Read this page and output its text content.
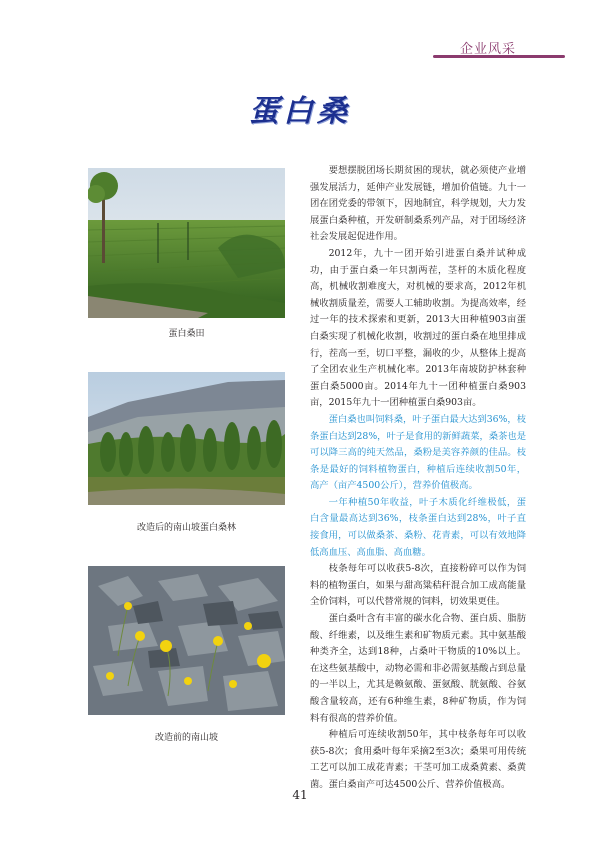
企业风采
蛋白桑
蛋白桑田
改造后的南山坡蛋白桑林
改造前的南山坡

要想摆脱团场长期贫困的现状，就必须使产业增强发展活力，延伸产业发展链，增加价值链。九十一团在团党委的带领下，因地制宜，科学规划，大力发展蛋白桑种植，开发研制桑系列产品，对于团场经济社会发展起促进作用。

2012年，九十一团开始引进蛋白桑并试种成功，由于蛋白桑一年只割两茬，茎杆的木质化程度高，机械收割难度大，对机械的要求高，2012年机械收割质量差，需要人工辅助收割。为提高效率，经过一年的技术探索和更新，2013大田种植903亩蛋白桑实现了机械化收割，收割过的蛋白桑在地里排成行，茬高一至，切口平整，漏收的少，从整体上提高了全团农业生产机械化率。2013年南坡防护林套种蛋白桑5000亩。2014年九十一团种植蛋白桑903亩，2015年九十一团种植蛋白桑903亩。

蛋白桑也叫饲料桑，叶子蛋白最大达到36%，枝条蛋白达到28%，叶子是食用的新鲜蔬菜，桑茶也是可以降三高的纯天然品，桑粉是美容养颜的佳品。枝条是最好的饲料植物蛋白，种植后连续收割50年，高产（亩产4500公斤），营养价值极高。

一年种植50年收益，叶子木质化纤维极低，蛋白含量最高达到36%，枝条蛋白达到28%，叶子直接食用，可以做桑茶、桑粉、花青素，可以有效地降低高血压、高血脂、高血糖。

枝条每年可以收获5-8次，直接粉碎可以作为饲料的植物蛋白，如果与甜高粱秸秆混合加工成高能量全价饲料，可以代替常规的饲料，切效果更佳。

蛋白桑叶含有丰富的碳水化合物、蛋白质、脂肪酸、纤维素，以及维生素和矿物质元素。其中氨基酸种类齐全，达到18种，占桑叶干物质的10%以上。在这些氨基酸中，动物必需和非必需氨基酸占到总量的一半以上，尤其是赖氨酸、蛋氨酸、胱氨酸、谷氨酸含量较高，还有6种维生素，8种矿物质，作为饲料有很高的营养价值。

种植后可连续收割50年，其中枝条每年可以收获5-8次；食用桑叶每年采摘2至3次；桑果可用传统工艺可以加工成花青素；干茎可加工成桑黄素、桑黄菌。蛋白桑亩产可达4500公斤、营养价值极高。

41
